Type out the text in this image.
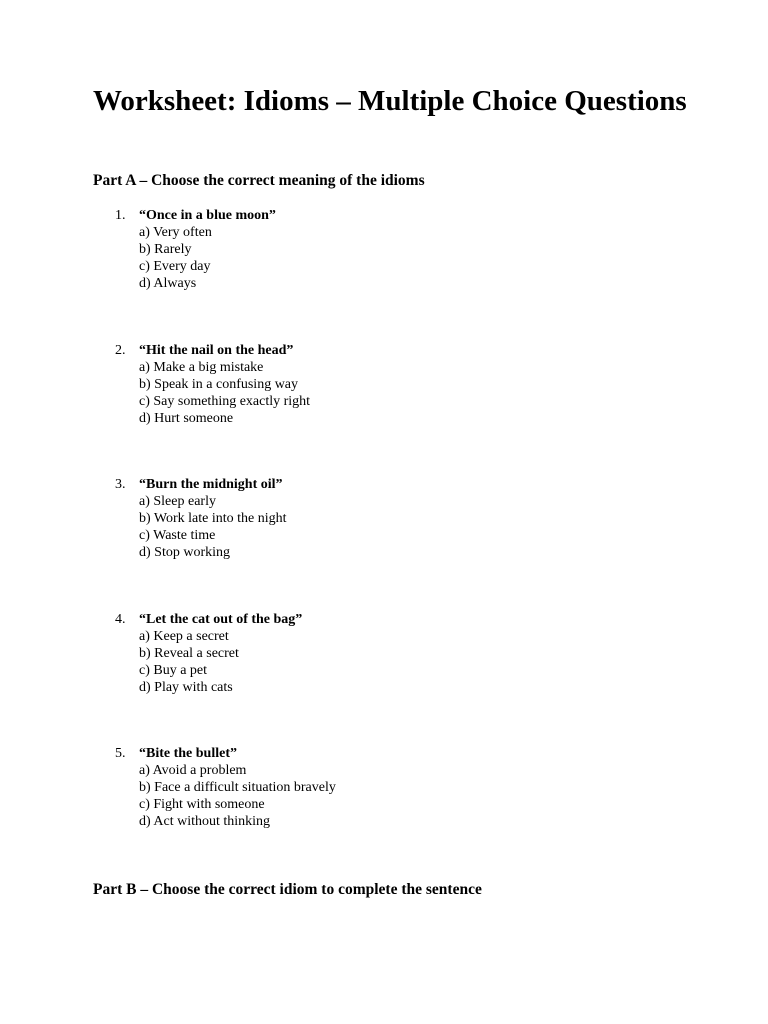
Worksheet: Idioms – Multiple Choice Questions
Part A – Choose the correct meaning of the idioms
1. “Once in a blue moon”
a) Very often
b) Rarely
c) Every day
d) Always
2. “Hit the nail on the head”
a) Make a big mistake
b) Speak in a confusing way
c) Say something exactly right
d) Hurt someone
3. “Burn the midnight oil”
a) Sleep early
b) Work late into the night
c) Waste time
d) Stop working
4. “Let the cat out of the bag”
a) Keep a secret
b) Reveal a secret
c) Buy a pet
d) Play with cats
5. “Bite the bullet”
a) Avoid a problem
b) Face a difficult situation bravely
c) Fight with someone
d) Act without thinking
Part B – Choose the correct idiom to complete the sentence
